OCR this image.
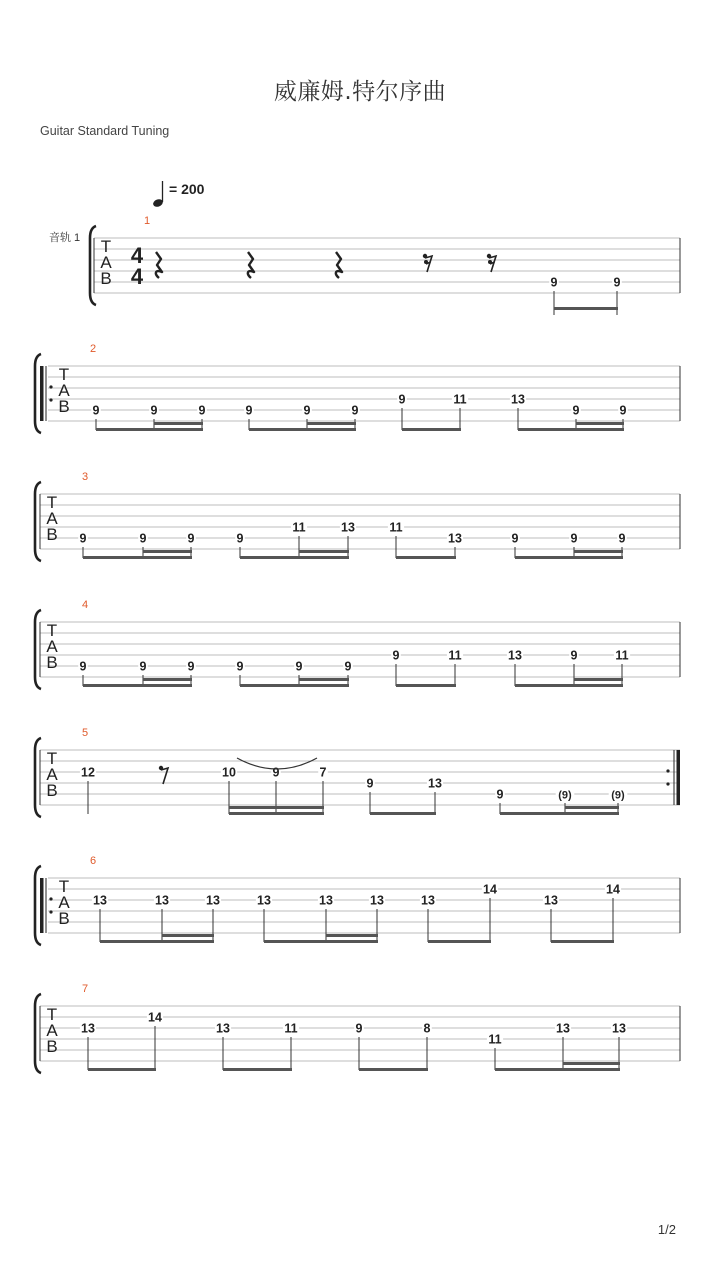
威廉姆.特尔序曲
Guitar Standard Tuning
= 200
音轨 1
1
T
A
B
4
4	9	9
2
T
A
B 9	9	9	9	9	9
9	11	13
9	9
3
T
A
B 9	9	9	9
11	13	11
13	9	9	9
4
T
A
B 9	9	9	9	9	9
9	11	13	9	11
5
T
A
B
12	10	9	7
9	13
9	(9)	(9)
6
T
A
B
13	13	13	13	13	13	13
14
13
14
7
T
A
B
13
14
13	11	9	8
11
13	13
1/2
